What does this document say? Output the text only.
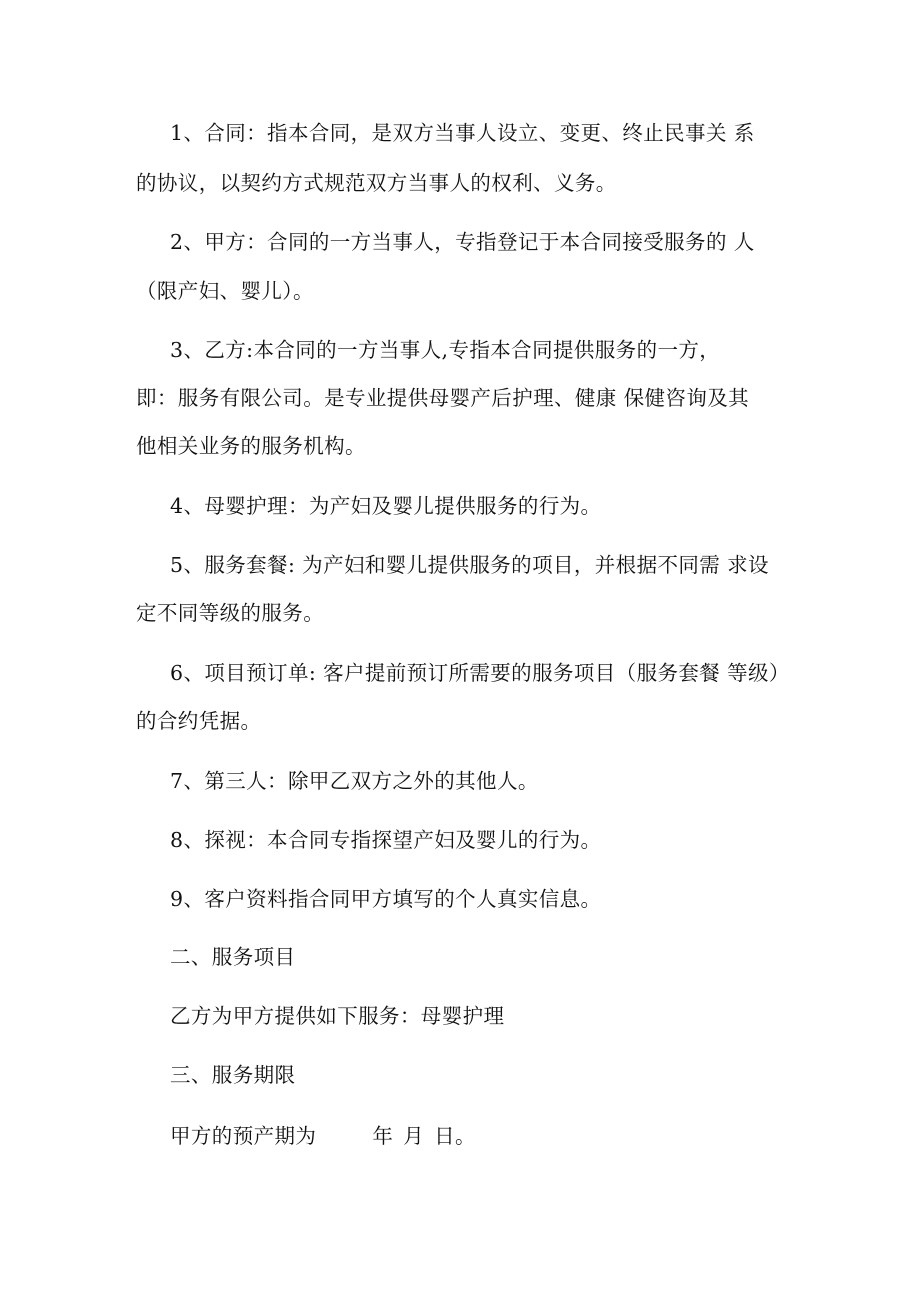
1、合同：指本合同，是双方当事人设立、变更、终止民事关 系
的协议，以契约方式规范双方当事人的权利、义务。
2、甲方：合同的一方当事人，专指登记于本合同接受服务的 人
（限产妇、婴儿）。
3、乙方:本合同的一方当事人,专指本合同提供服务的一方，
即：服务有限公司。是专业提供母婴产后护理、健康 保健咨询及其
他相关业务的服务机构。
4、母婴护理：为产妇及婴儿提供服务的行为。
5、服务套餐: 为产妇和婴儿提供服务的项目，并根据不同需 求设
定不同等级的服务。
6、项目预订单: 客户提前预订所需要的服务项目（服务套餐 等级）
的合约凭据。
7、第三人：除甲乙双方之外的其他人。
8、探视：本合同专指探望产妇及婴儿的行为。
9、客户资料指合同甲方填写的个人真实信息。
二、服务项目
乙方为甲方提供如下服务：母婴护理
三、服务期限
甲方的预产期为	年 月 日。
